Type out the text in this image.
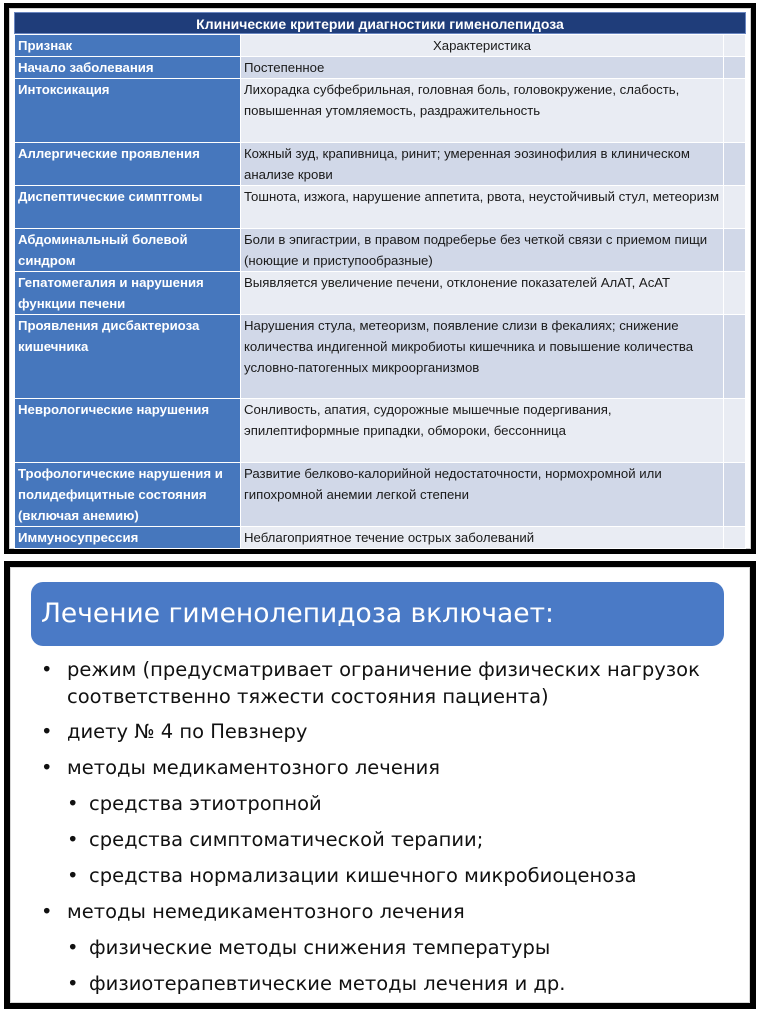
Клинические критерии диагностики гименолепидоза
Признак	Характеристика	
Начало заболевания	Постепенное	
Интоксикация	Лихорадка субфебрильная, головная боль, головокружение, слабость, повышенная утомляемость, раздражительность	
Аллергические проявления	Кожный зуд, крапивница, ринит; умеренная эозинофилия в клиническом анализе крови	
Диспептические симптгомы	Тошнота, изжога, нарушение аппетита, рвота, неустойчивый стул, метеоризм	
Абдоминальный болевой синдром	Боли в эпигастрии, в правом подреберье без четкой связи с приемом пищи (ноющие и приступообразные)	
Гепатомегалия и нарушения функции печени	Выявляется увеличение печени, отклонение показателей АлАТ, АсАТ	
Проявления дисбактериоза кишечника	Нарушения стула, метеоризм, появление слизи в фекалиях; снижение количества индигенной микробиоты кишечника и повышение количества условно-патогенных микроорганизмов	
Неврологические нарушения	Сонливость, апатия, судорожные мышечные подергивания, эпилептиформные припадки, обмороки, бессонница	
Трофологические нарушения и полидефицитные состояния (включая анемию)	Развитие белково-калорийной недостаточности, нормохромной или гипохромной анемии легкой степени	
Иммуносупрессия	Неблагоприятное течение острых заболеваний	
Лечение гименолепидоза включает:
• режим (предусматривает ограничение физических нагрузок соответственно тяжести состояния пациента)
• диету № 4 по Певзнеру
• методы медикаментозного лечения
• средства этиотропной
• средства симптоматической терапии;
• средства нормализации кишечного микробиоценоза
• методы немедикаментозного лечения
• физические методы снижения температуры
• физиотерапевтические методы лечения и др.
